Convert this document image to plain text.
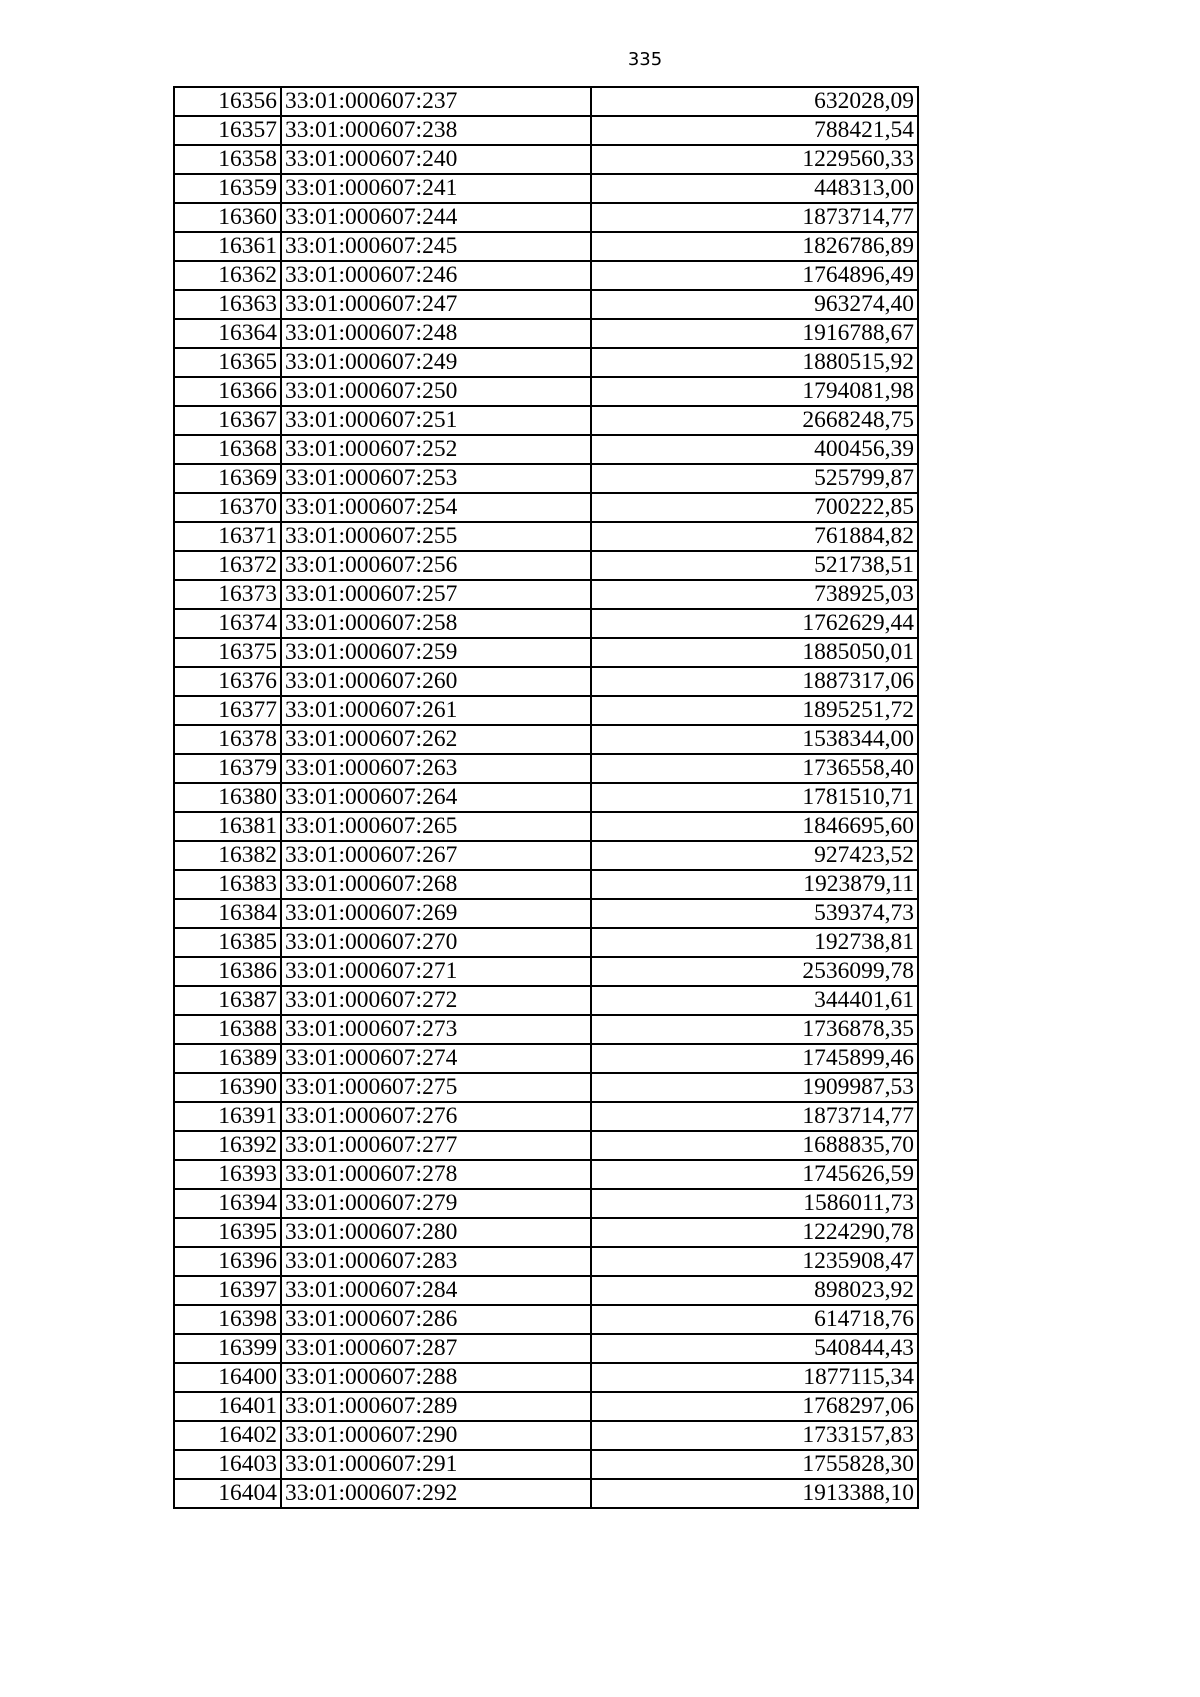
335
16356	33:01:000607:237	632028,09
16357	33:01:000607:238	788421,54
16358	33:01:000607:240	1229560,33
16359	33:01:000607:241	448313,00
16360	33:01:000607:244	1873714,77
16361	33:01:000607:245	1826786,89
16362	33:01:000607:246	1764896,49
16363	33:01:000607:247	963274,40
16364	33:01:000607:248	1916788,67
16365	33:01:000607:249	1880515,92
16366	33:01:000607:250	1794081,98
16367	33:01:000607:251	2668248,75
16368	33:01:000607:252	400456,39
16369	33:01:000607:253	525799,87
16370	33:01:000607:254	700222,85
16371	33:01:000607:255	761884,82
16372	33:01:000607:256	521738,51
16373	33:01:000607:257	738925,03
16374	33:01:000607:258	1762629,44
16375	33:01:000607:259	1885050,01
16376	33:01:000607:260	1887317,06
16377	33:01:000607:261	1895251,72
16378	33:01:000607:262	1538344,00
16379	33:01:000607:263	1736558,40
16380	33:01:000607:264	1781510,71
16381	33:01:000607:265	1846695,60
16382	33:01:000607:267	927423,52
16383	33:01:000607:268	1923879,11
16384	33:01:000607:269	539374,73
16385	33:01:000607:270	192738,81
16386	33:01:000607:271	2536099,78
16387	33:01:000607:272	344401,61
16388	33:01:000607:273	1736878,35
16389	33:01:000607:274	1745899,46
16390	33:01:000607:275	1909987,53
16391	33:01:000607:276	1873714,77
16392	33:01:000607:277	1688835,70
16393	33:01:000607:278	1745626,59
16394	33:01:000607:279	1586011,73
16395	33:01:000607:280	1224290,78
16396	33:01:000607:283	1235908,47
16397	33:01:000607:284	898023,92
16398	33:01:000607:286	614718,76
16399	33:01:000607:287	540844,43
16400	33:01:000607:288	1877115,34
16401	33:01:000607:289	1768297,06
16402	33:01:000607:290	1733157,83
16403	33:01:000607:291	1755828,30
16404	33:01:000607:292	1913388,10
